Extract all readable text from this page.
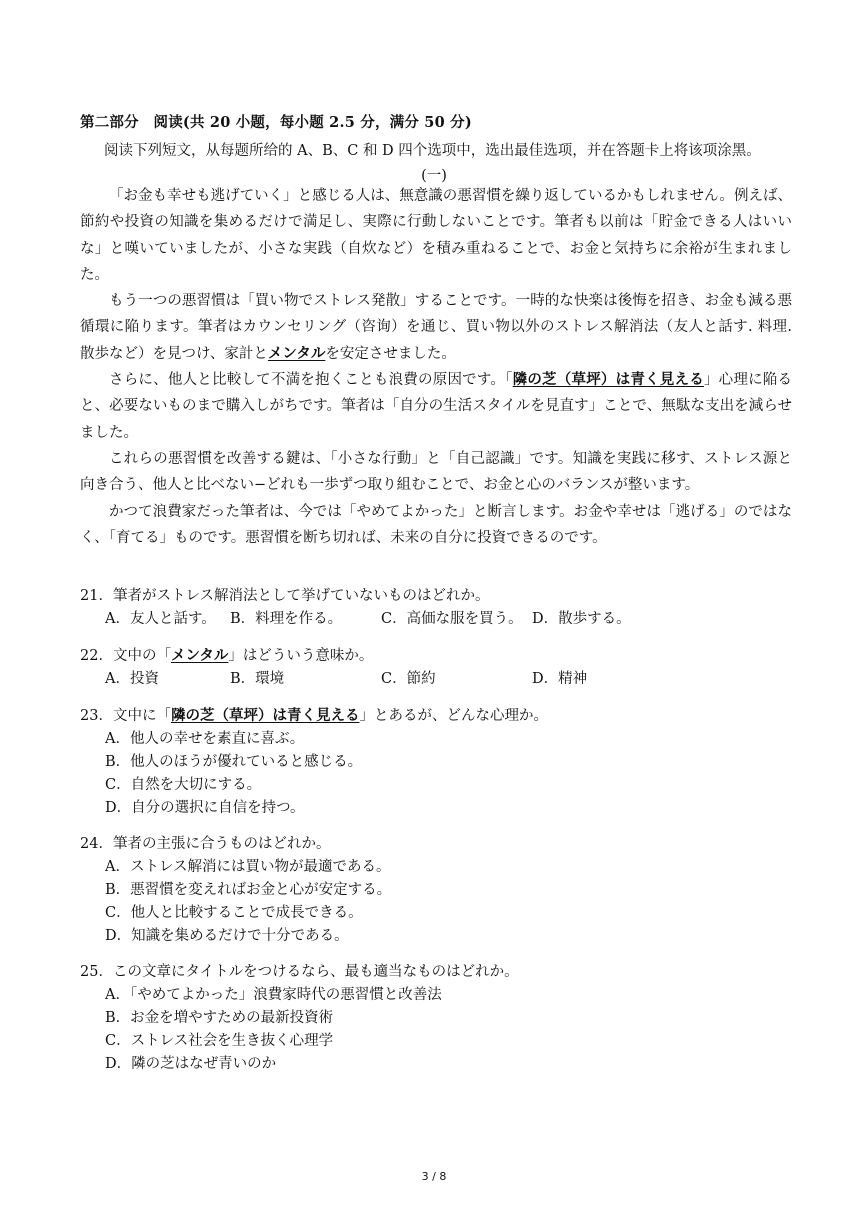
第二部分　阅读(共 20 小题，每小题 2.5 分，满分 50 分)
阅读下列短文，从每题所给的 A、B、C 和 D 四个选项中，选出最佳选项，并在答题卡上将该项涂黑。
(一)

「お金も幸せも逃げていく」と感じる人は、無意識の悪習慣を繰り返しているかもしれません。例えば、節約や投資の知識を集めるだけで満足し、実際に行動しないことです。筆者も以前は「貯金できる人はいいな」と嘆いていましたが、小さな実践（自炊など）を積み重ねることで、お金と気持ちに余裕が生まれました。

もう一つの悪習慣は「買い物でストレス発散」することです。一時的な快楽は後悔を招き、お金も減る悪循環に陥ります。筆者はカウンセリング（咨询）を通じ、買い物以外のストレス解消法（友人と話す. 料理. 散歩など）を見つけ、家計とメンタルを安定させました。

さらに、他人と比較して不満を抱くことも浪費の原因です。「隣の芝（草坪）は青く見える」心理に陥ると、必要ないものまで購入しがちです。筆者は「自分の生活スタイルを見直す」ことで、無駄な支出を減らせました。

これらの悪習慣を改善する鍵は、「小さな行動」と「自己認識」です。知識を実践に移す、ストレス源と向き合う、他人と比べない−どれも一歩ずつ取り組むことで、お金と心のバランスが整います。

かつて浪費家だった筆者は、今では「やめてよかった」と断言します。お金や幸せは「逃げる」のではなく、「育てる」ものです。悪習慣を断ち切れば、未来の自分に投資できるのです。

21．筆者がストレス解消法として挙げていないものはどれか。
A．友人と話す。 B．料理を作る。	C．高価な服を買う。 D．散歩する。
22．文中の「メンタル」はどういう意味か。
A．投資	B．環境	C．節約	D．精神
23．文中に「隣の芝（草坪）は青く見える」とあるが、どんな心理か。
A．他人の幸せを素直に喜ぶ。
B．他人のほうが優れていると感じる。
C．自然を大切にする。
D．自分の選択に自信を持つ。
24．筆者の主張に合うものはどれか。
A．ストレス解消には買い物が最適である。
B．悪習慣を変えればお金と心が安定する。
C．他人と比較することで成長できる。
D．知識を集めるだけで十分である。
25．この文章にタイトルをつけるなら、最も適当なものはどれか。
A．「やめてよかった」浪費家時代の悪習慣と改善法
B．お金を増やすための最新投資術
C．ストレス社会を生き抜く心理学
D．隣の芝はなぜ青いのか
3 / 8
